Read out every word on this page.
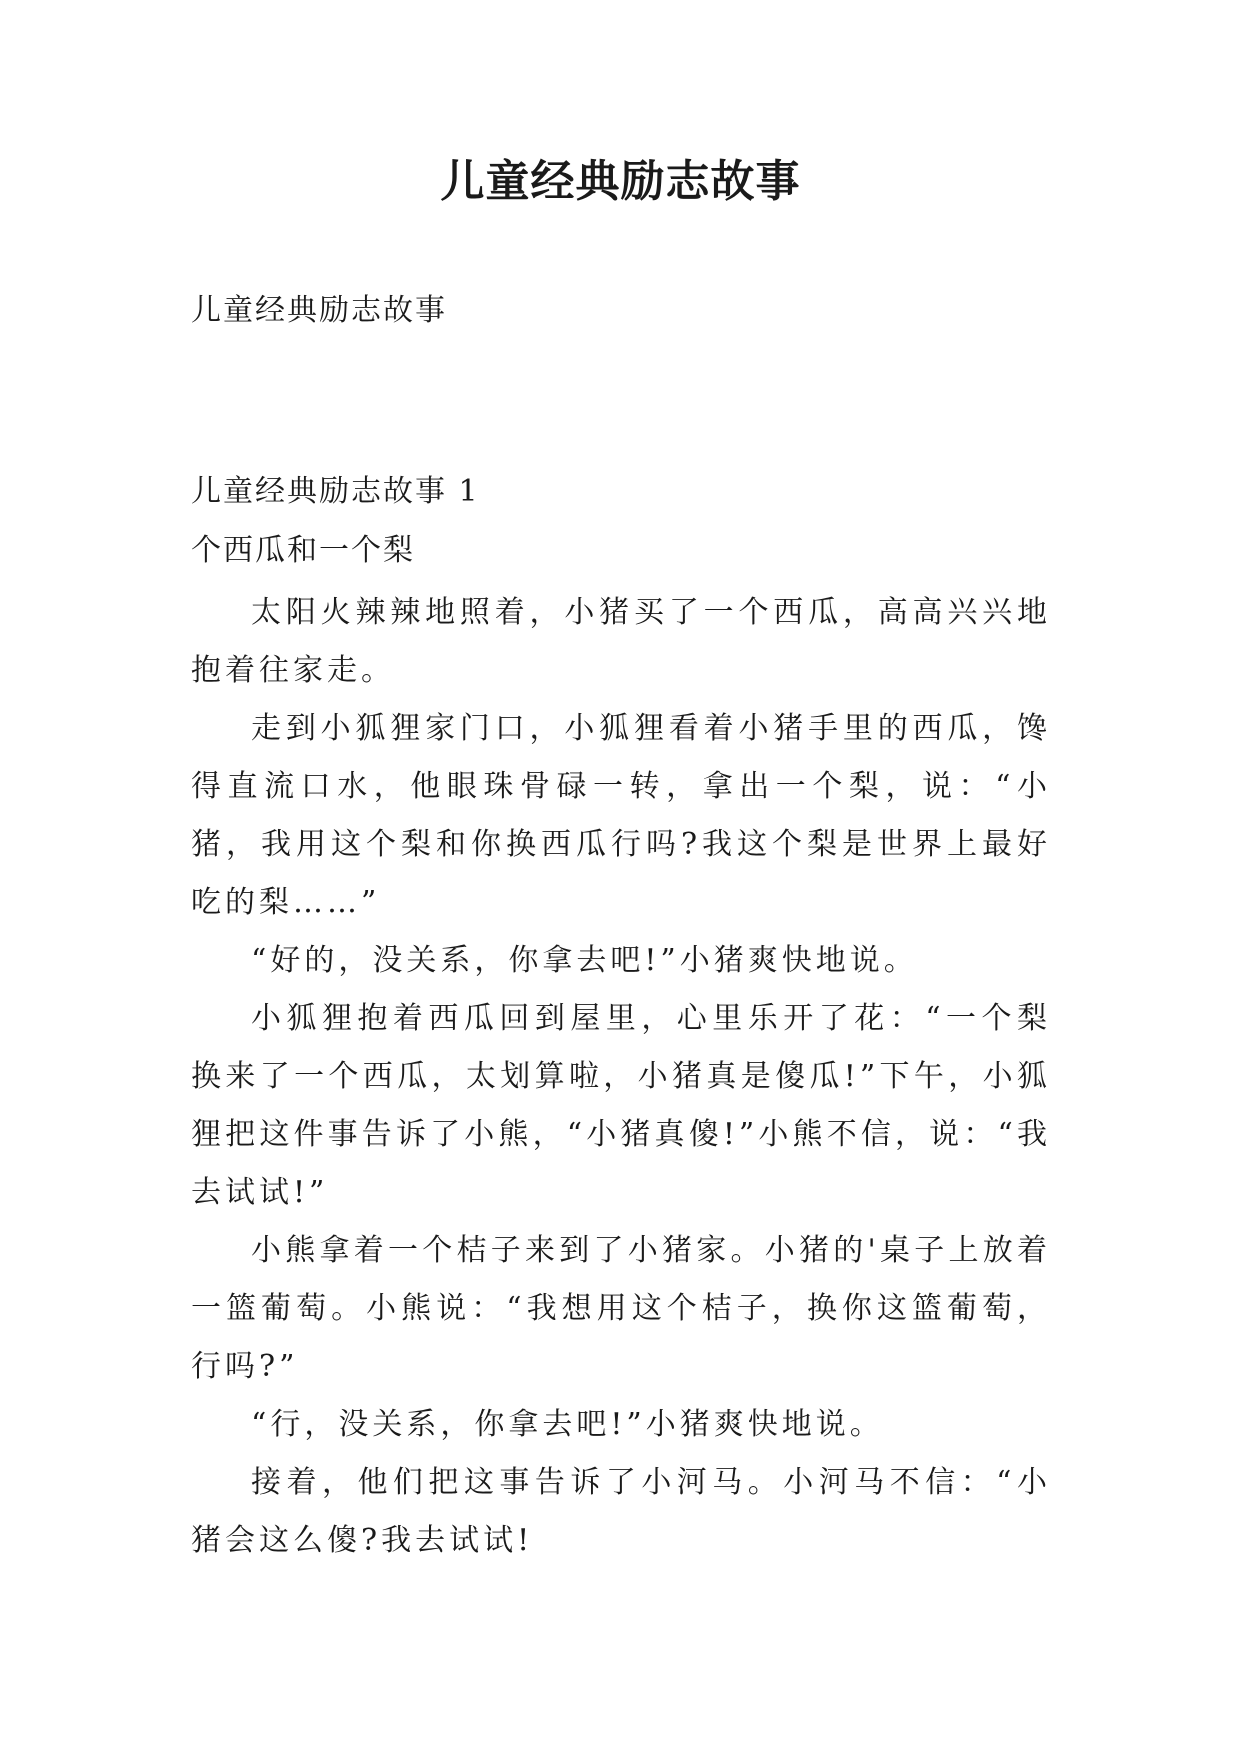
儿童经典励志故事
儿童经典励志故事
儿童经典励志故事 1
个西瓜和一个梨

太阳火辣辣地照着，小猪买了一个西瓜，高高兴兴地抱着往家走。

走到小狐狸家门口，小狐狸看着小猪手里的西瓜，馋得直流口水，他眼珠骨碌一转，拿出一个梨，说：“小猪，我用这个梨和你换西瓜行吗?我这个梨是世界上最好吃的梨……”

“好的，没关系，你拿去吧!”小猪爽快地说。

小狐狸抱着西瓜回到屋里，心里乐开了花：“一个梨换来了一个西瓜，太划算啦，小猪真是傻瓜!”下午，小狐狸把这件事告诉了小熊，“小猪真傻!”小熊不信，说：“我去试试!”

小熊拿着一个桔子来到了小猪家。小猪的'桌子上放着一篮葡萄。小熊说：“我想用这个桔子，换你这篮葡萄，行吗?”

“行，没关系，你拿去吧!”小猪爽快地说。

接着，他们把这事告诉了小河马。小河马不信：“小猪会这么傻?我去试试!
